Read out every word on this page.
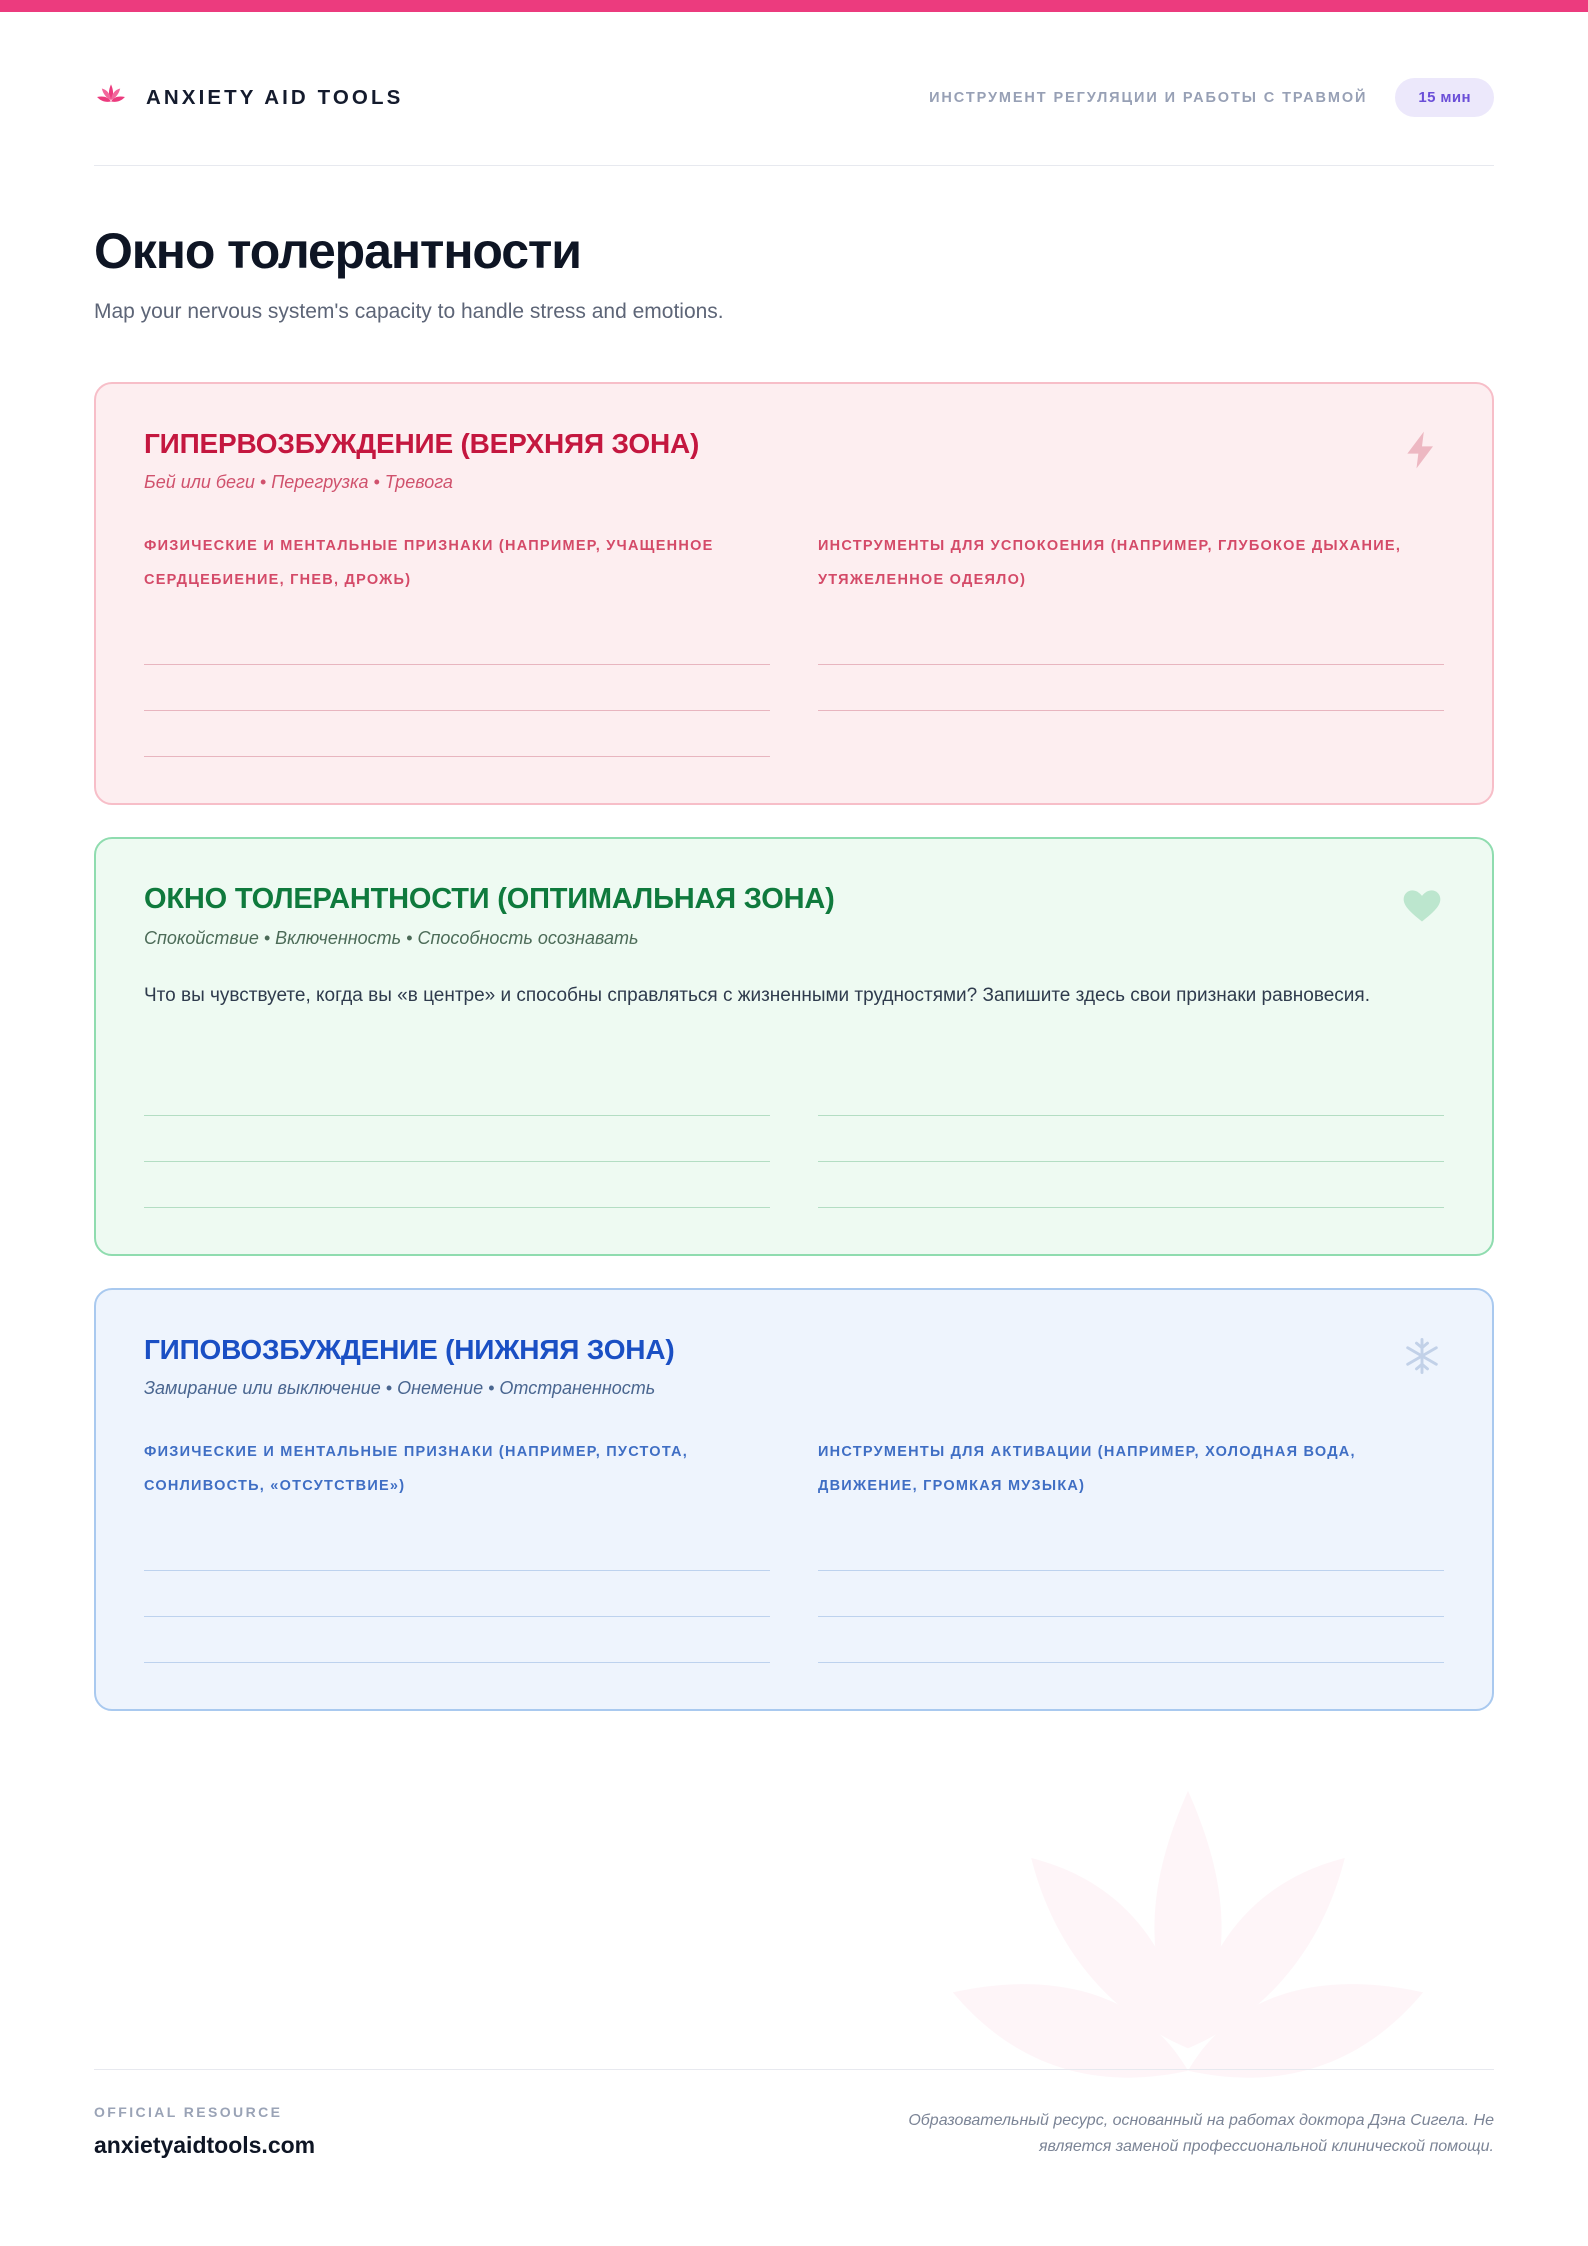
ANXIETY AID TOOLS	ИНСТРУМЕНТ РЕГУЛЯЦИИ И РАБОТЫ С ТРАВМОЙ	15 мин
Окно толерантности

Map your nervous system's capacity to handle stress and emotions.

ГИПЕРВОЗБУЖДЕНИЕ (ВЕРХНЯЯ ЗОНА)
Бей или беги • Перегрузка • Тревога
ФИЗИЧЕСКИЕ И МЕНТАЛЬНЫЕ ПРИЗНАКИ (НАПРИМЕР, УЧАЩЕННОЕ СЕРДЦЕБИЕНИЕ, ГНЕВ, ДРОЖЬ)
ИНСТРУМЕНТЫ ДЛЯ УСПОКОЕНИЯ (НАПРИМЕР, ГЛУБОКОЕ ДЫХАНИЕ, УТЯЖЕЛЕННОЕ ОДЕЯЛО)
ОКНО ТОЛЕРАНТНОСТИ (ОПТИМАЛЬНАЯ ЗОНА)
Спокойствие • Включенность • Способность осознавать

Что вы чувствуете, когда вы «в центре» и способны справляться с жизненными трудностями? Запишите здесь свои признаки равновесия.

ГИПОВОЗБУЖДЕНИЕ (НИЖНЯЯ ЗОНА)
Замирание или выключение • Онемение • Отстраненность
ФИЗИЧЕСКИЕ И МЕНТАЛЬНЫЕ ПРИЗНАКИ (НАПРИМЕР, ПУСТОТА, СОНЛИВОСТЬ, «ОТСУТСТВИЕ»)
ИНСТРУМЕНТЫ ДЛЯ АКТИВАЦИИ (НАПРИМЕР, ХОЛОДНАЯ ВОДА, ДВИЖЕНИЕ, ГРОМКАЯ МУЗЫКА)
OFFICIAL RESOURCE
anxietyaidtools.com
Образовательный ресурс, основанный на работах доктора Дэна Сигела. Не является заменой профессиональной клинической помощи.
